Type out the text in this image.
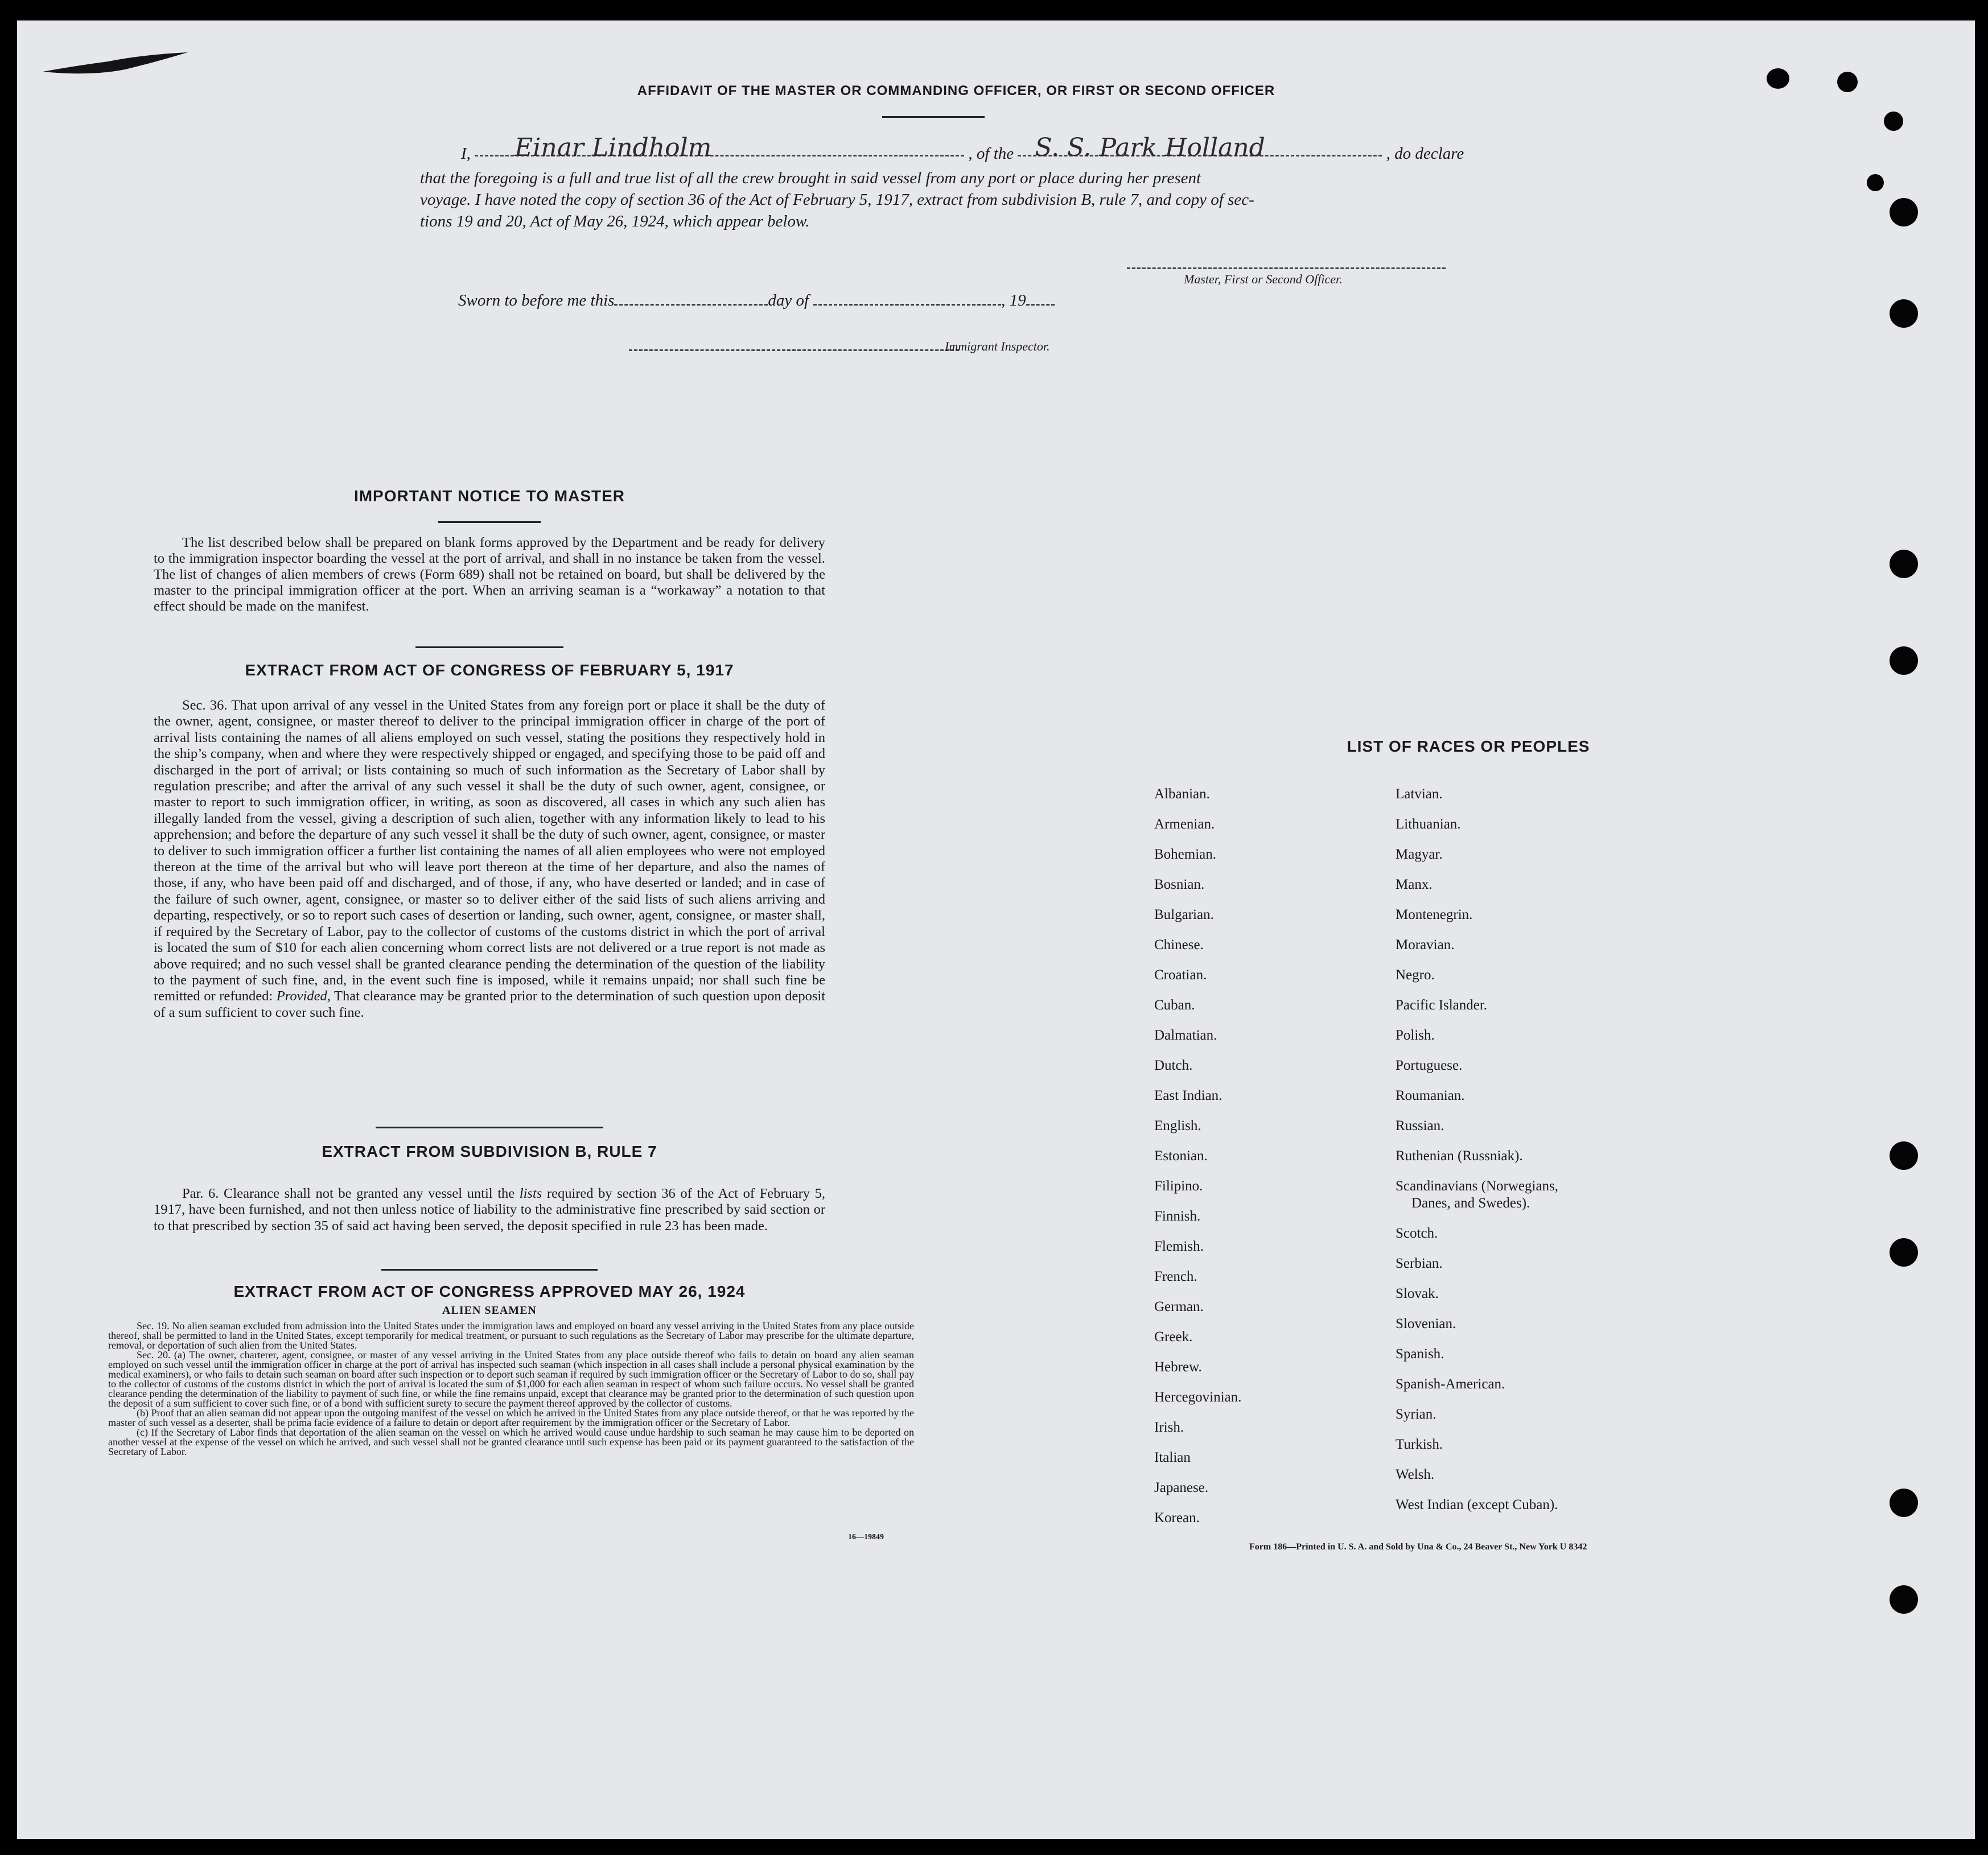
AFFIDAVIT OF THE MASTER OR COMMANDING OFFICER, OR FIRST OR SECOND OFFICER
I, Einar Lindholm	, of the S. S. Park Holland	, do declare
that the foregoing is a full and true list of all the crew brought in said vessel from any port or place during her present
voyage. I have noted the copy of section 36 of the Act of February 5, 1917, extract from subdivision B, rule 7, and copy of sec-
tions 19 and 20, Act of May 26, 1924, which appear below.
Master, First or Second Officer.
Sworn to before me this	day of	, 19
Immigrant Inspector.
IMPORTANT NOTICE TO MASTER
The list described below shall be prepared on blank forms approved by the Department and be ready for delivery to the immigration inspector boarding the vessel at the port of arrival, and shall in no instance be taken from the vessel. The list of changes of alien members of crews (Form 689) shall not be retained on board, but shall be delivered by the master to the principal immigration officer at the port. When an arriving seaman is a “workaway” a notation to that effect should be made on the manifest.
EXTRACT FROM ACT OF CONGRESS OF FEBRUARY 5, 1917
Sec. 36. That upon arrival of any vessel in the United States from any foreign port or place it shall be the duty of the owner, agent, consignee, or master thereof to deliver to the principal immigration officer in charge of the port of arrival lists containing the names of all aliens employed on such vessel, stating the positions they respectively hold in the ship’s company, when and where they were respectively shipped or engaged, and specifying those to be paid off and discharged in the port of arrival; or lists containing so much of such information as the Secretary of Labor shall by regulation prescribe; and after the arrival of any such vessel it shall be the duty of such owner, agent, consignee, or master to report to such immigration officer, in writing, as soon as discovered, all cases in which any such alien has illegally landed from the vessel, giving a description of such alien, together with any information likely to lead to his apprehension; and before the departure of any such vessel it shall be the duty of such owner, agent, consignee, or master to deliver to such immigration officer a further list containing the names of all alien employees who were not employed thereon at the time of the arrival but who will leave port thereon at the time of her departure, and also the names of those, if any, who have been paid off and discharged, and of those, if any, who have deserted or landed; and in case of the failure of such owner, agent, consignee, or master so to deliver either of the said lists of such aliens arriving and departing, respectively, or so to report such cases of desertion or landing, such owner, agent, consignee, or master shall, if required by the Secretary of Labor, pay to the collector of customs of the customs district in which the port of arrival is located the sum of $10 for each alien concerning whom correct lists are not delivered or a true report is not made as above required; and no such vessel shall be granted clearance pending the determination of the question of the liability to the payment of such fine, and, in the event such fine is imposed, while it remains unpaid; nor shall such fine be remitted or refunded: Provided, That clearance may be granted prior to the determination of such question upon deposit of a sum sufficient to cover such fine.
EXTRACT FROM SUBDIVISION B, RULE 7
Par. 6. Clearance shall not be granted any vessel until the lists required by section 36 of the Act of February 5, 1917, have been furnished, and not then unless notice of liability to the administrative fine prescribed by said section or to that prescribed by section 35 of said act having been served, the deposit specified in rule 23 has been made.
EXTRACT FROM ACT OF CONGRESS APPROVED MAY 26, 1924
ALIEN SEAMEN
Sec. 19. No alien seaman excluded from admission into the United States under the immigration laws and employed on board any vessel arriving in the United States from any place outside thereof, shall be permitted to land in the United States, except temporarily for medical treatment, or pursuant to such regulations as the Secretary of Labor may prescribe for the ultimate departure, removal, or deportation of such alien from the United States.
Sec. 20. (a) The owner, charterer, agent, consignee, or master of any vessel arriving in the United States from any place outside thereof who fails to detain on board any alien seaman employed on such vessel until the immigration officer in charge at the port of arrival has inspected such seaman (which inspection in all cases shall include a personal physical examination by the medical examiners), or who fails to detain such seaman on board after such inspection or to deport such seaman if required by such immigration officer or the Secretary of Labor to do so, shall pay to the collector of customs of the customs district in which the port of arrival is located the sum of $1,000 for each alien seaman in respect of whom such failure occurs. No vessel shall be granted clearance pending the determination of the liability to payment of such fine, or while the fine remains unpaid, except that clearance may be granted prior to the determination of such question upon the deposit of a sum sufficient to cover such fine, or of a bond with sufficient surety to secure the payment thereof approved by the collector of customs.
(b) Proof that an alien seaman did not appear upon the outgoing manifest of the vessel on which he arrived in the United States from any place outside thereof, or that he was reported by the master of such vessel as a deserter, shall be prima facie evidence of a failure to detain or deport after requirement by the immigration officer or the Secretary of Labor.
(c) If the Secretary of Labor finds that deportation of the alien seaman on the vessel on which he arrived would cause undue hardship to such seaman he may cause him to be deported on another vessel at the expense of the vessel on which he arrived, and such vessel shall not be granted clearance until such expense has been paid or its payment guaranteed to the satisfaction of the Secretary of Labor.
16—19849
LIST OF RACES OR PEOPLES
Form 186—Printed in U. S. A. and Sold by Una & Co., 24 Beaver St., New York U 8342
Albanian.
Armenian.
Bohemian.
Bosnian.
Bulgarian.
Chinese.
Croatian.
Cuban.
Dalmatian.
Dutch.
East Indian.
English.
Estonian.
Filipino.
Finnish.
Flemish.
French.
German.
Greek.
Hebrew.
Hercegovinian.
Irish.
Italian
Japanese.
Korean.
Latvian.
Lithuanian.
Magyar.
Manx.
Montenegrin.
Moravian.
Negro.
Pacific Islander.
Polish.
Portuguese.
Roumanian.
Russian.
Ruthenian (Russniak).
Scandinavians (Norwegians,
Danes, and Swedes).
Scotch.
Serbian.
Slovak.
Slovenian.
Spanish.
Spanish-American.
Syrian.
Turkish.
Welsh.
West Indian (except Cuban).
